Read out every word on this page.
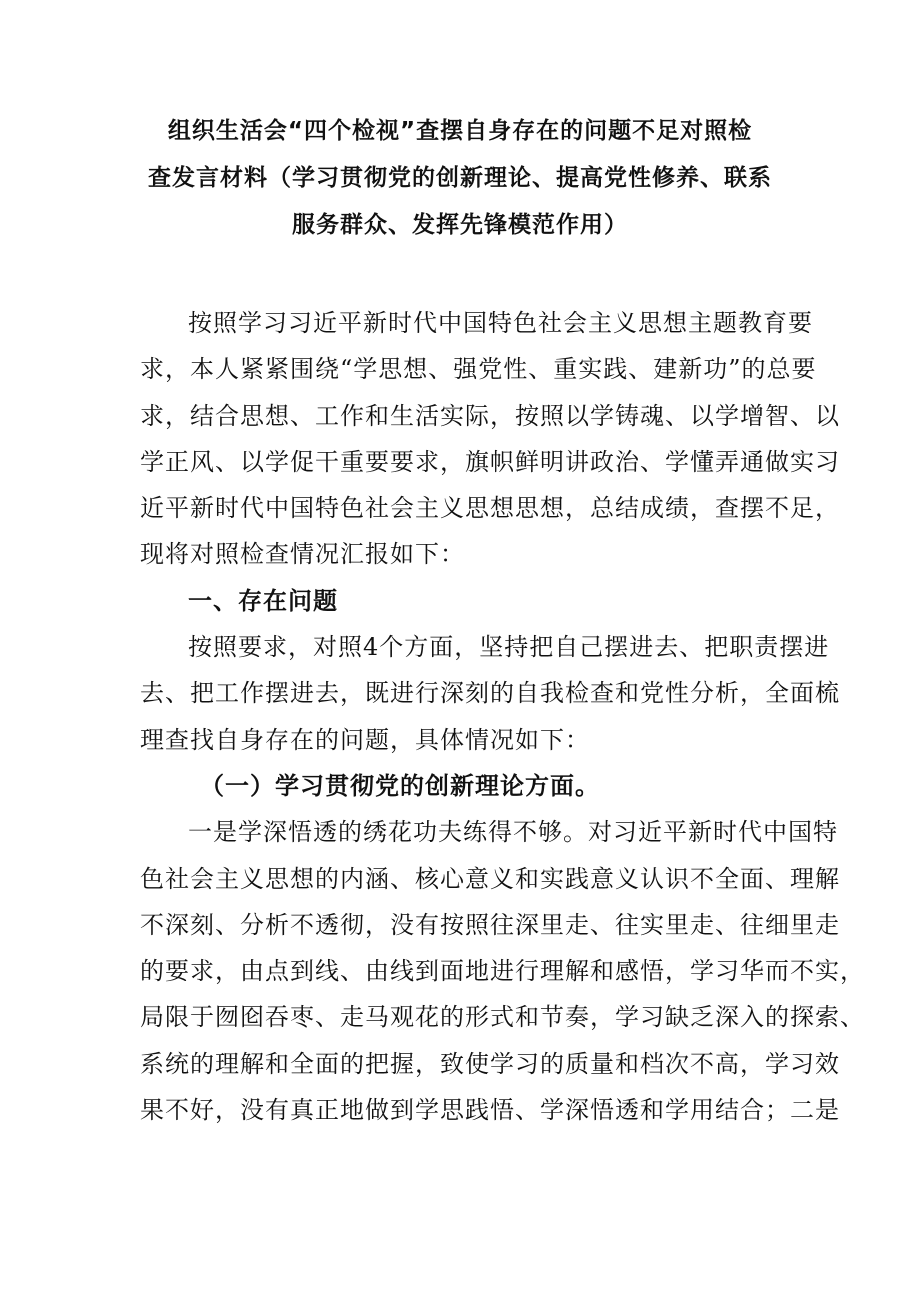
组织生活会“四个检视”查摆自身存在的问题不足对照检
查发言材料（学习贯彻党的创新理论、提高党性修养、联系
服务群众、发挥先锋模范作用）
按照学习习近平新时代中国特色社会主义思想主题教育要
求，本人紧紧围绕“学思想、强党性、重实践、建新功”的总要
求，结合思想、工作和生活实际，按照以学铸魂、以学增智、以
学正风、以学促干重要要求，旗帜鲜明讲政治、学懂弄通做实习
近平新时代中国特色社会主义思想思想，总结成绩，查摆不足，
现将对照检查情况汇报如下：
一、存在问题
按照要求，对照4个方面，坚持把自己摆进去、把职责摆进
去、把工作摆进去，既进行深刻的自我检查和党性分析，全面梳
理查找自身存在的问题，具体情况如下：
（一）学习贯彻党的创新理论方面。
一是学深悟透的绣花功夫练得不够。对习近平新时代中国特
色社会主义思想的内涵、核心意义和实践意义认识不全面、理解
不深刻、分析不透彻，没有按照往深里走、往实里走、往细里走
的要求，由点到线、由线到面地进行理解和感悟，学习华而不实，
局限于囫囵吞枣、走马观花的形式和节奏，学习缺乏深入的探索、
系统的理解和全面的把握，致使学习的质量和档次不高，学习效
果不好，没有真正地做到学思践悟、学深悟透和学用结合；二是
